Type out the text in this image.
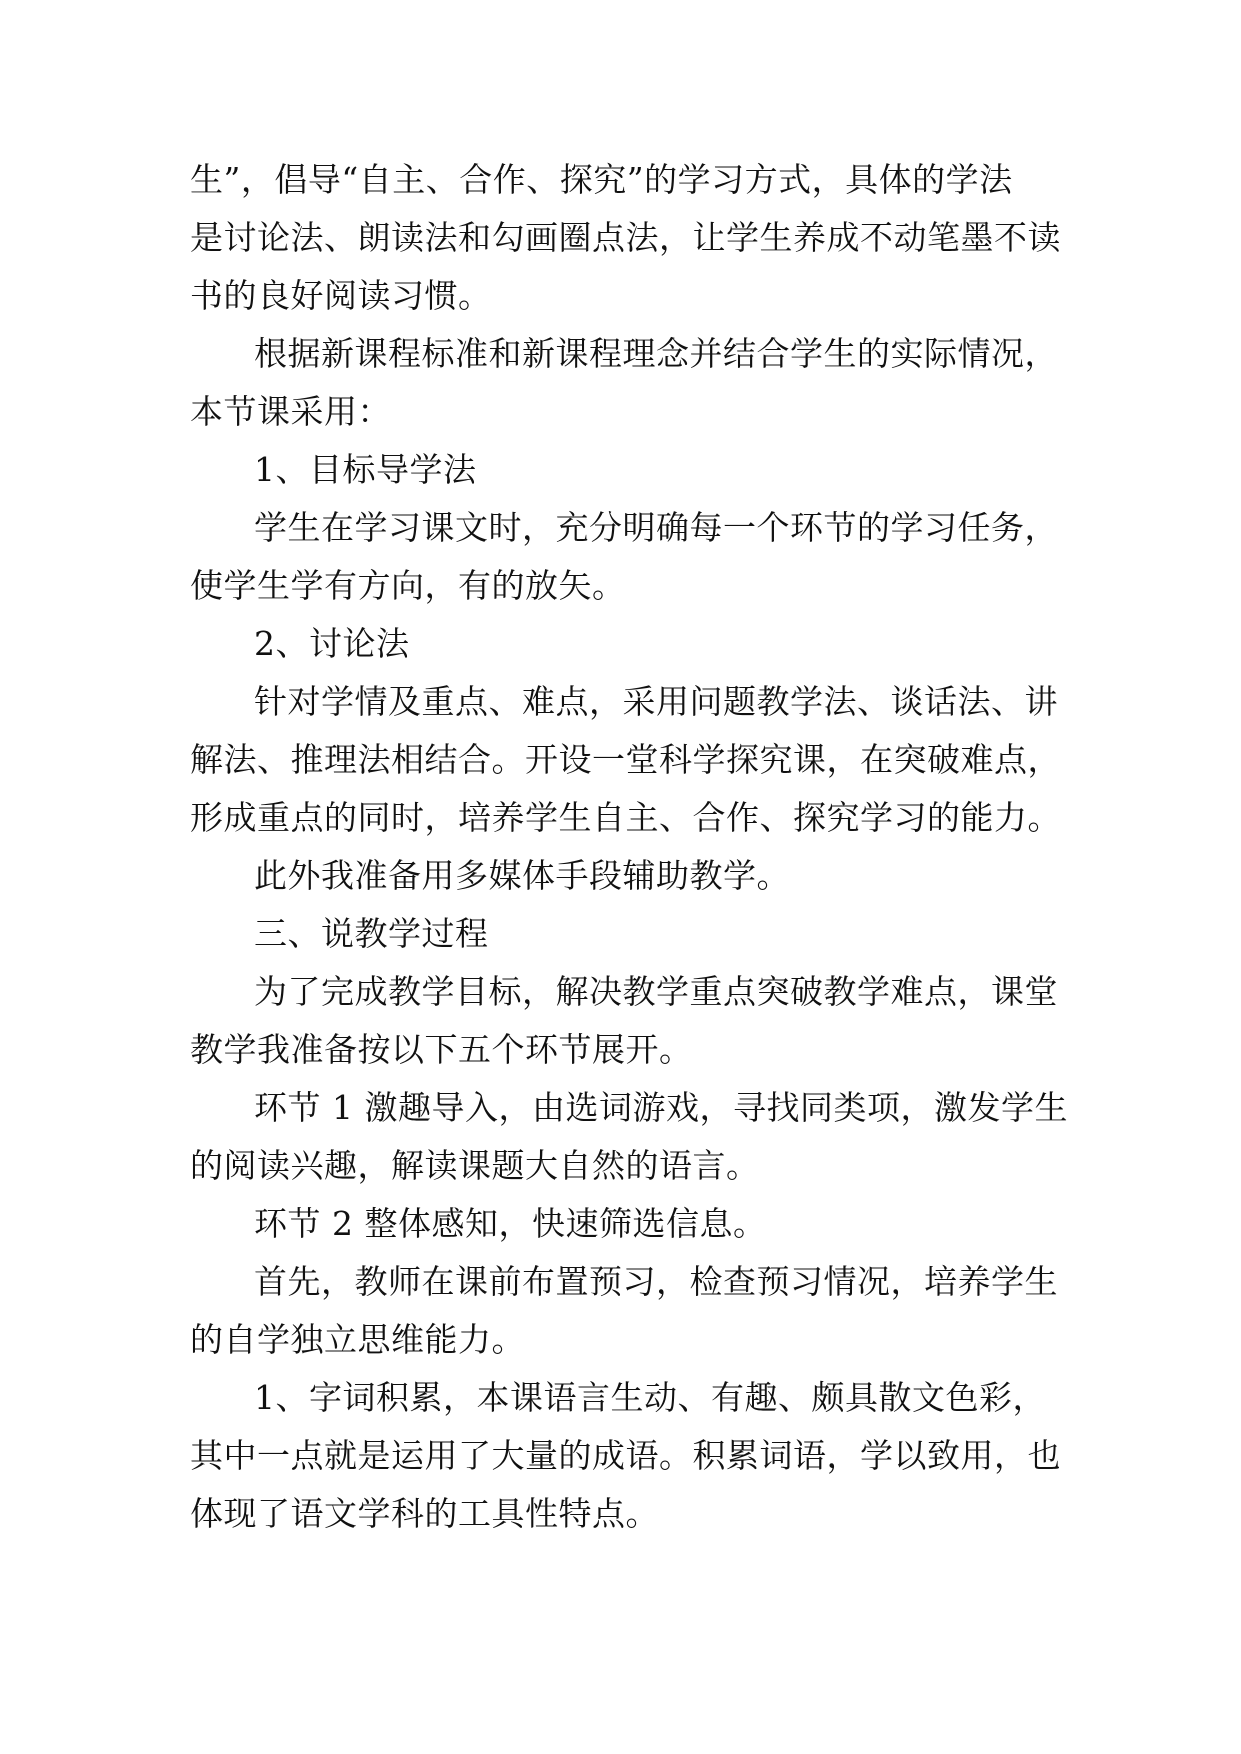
生”，倡导“自主、合作、探究”的学习方式，具体的学法
是讨论法、朗读法和勾画圈点法，让学生养成不动笔墨不读
书的良好阅读习惯。
根据新课程标准和新课程理念并结合学生的实际情况，
本节课采用：
1、目标导学法
学生在学习课文时，充分明确每一个环节的学习任务，
使学生学有方向，有的放矢。
2、讨论法
针对学情及重点、难点，采用问题教学法、谈话法、讲
解法、推理法相结合。开设一堂科学探究课，在突破难点，
形成重点的同时，培养学生自主、合作、探究学习的能力。
此外我准备用多媒体手段辅助教学。
三、说教学过程
为了完成教学目标，解决教学重点突破教学难点，课堂
教学我准备按以下五个环节展开。
环节 1 激趣导入，由选词游戏，寻找同类项，激发学生
的阅读兴趣，解读课题大自然的语言。
环节 2 整体感知，快速筛选信息。
首先，教师在课前布置预习，检查预习情况，培养学生
的自学独立思维能力。
1、字词积累，本课语言生动、有趣、颇具散文色彩，
其中一点就是运用了大量的成语。积累词语，学以致用，也
体现了语文学科的工具性特点。
